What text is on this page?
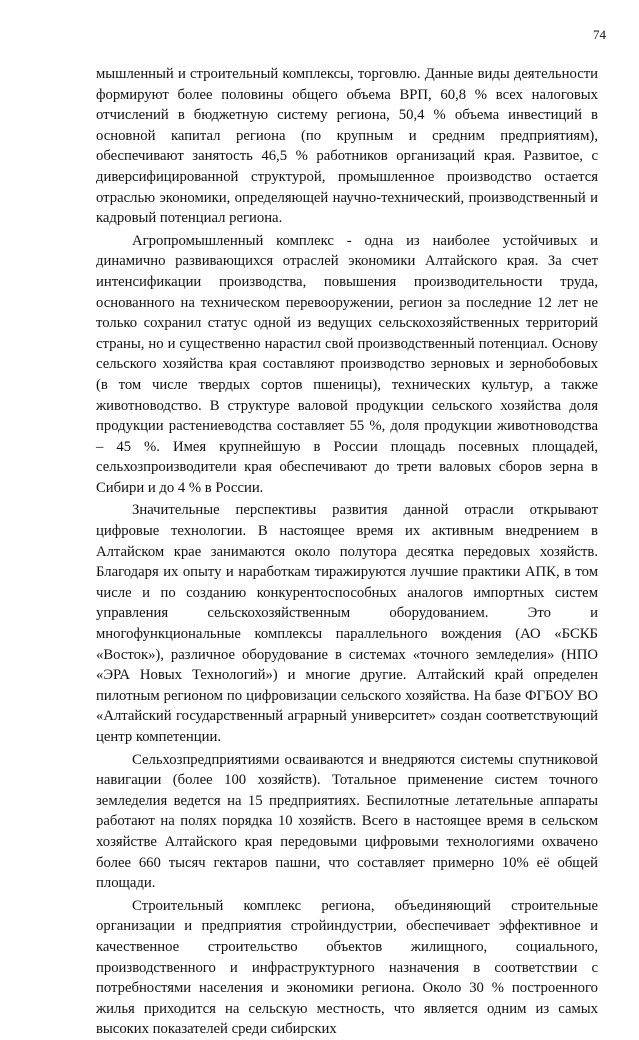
74

мышленный и строительный комплексы, торговлю. Данные виды деятельности формируют более половины общего объема ВРП, 60,8 % всех налоговых отчислений в бюджетную систему региона, 50,4 % объема инвестиций в основной капитал региона (по крупным и средним предприятиям), обеспечивают занятость 46,5 % работников организаций края. Развитое, с диверсифицированной структурой, промышленное производство остается отраслью экономики, определяющей научно-технический, производственный и кадровый потенциал региона.

Агропромышленный комплекс - одна из наиболее устойчивых и динамично развивающихся отраслей экономики Алтайского края. За счет интенсификации производства, повышения производительности труда, основанного на техническом перевооружении, регион за последние 12 лет не только сохранил статус одной из ведущих сельскохозяйственных территорий страны, но и существенно нарастил свой производственный потенциал. Основу сельского хозяйства края составляют производство зерновых и зернобобовых (в том числе твердых сортов пшеницы), технических культур, а также животноводство. В структуре валовой продукции сельского хозяйства доля продукции растениеводства составляет 55 %, доля продукции животноводства – 45 %. Имея крупнейшую в России площадь посевных площадей, сельхозпроизводители края обеспечивают до трети валовых сборов зерна в Сибири и до 4 % в России.

Значительные перспективы развития данной отрасли открывают цифровые технологии. В настоящее время их активным внедрением в Алтайском крае занимаются около полутора десятка передовых хозяйств. Благодаря их опыту и наработкам тиражируются лучшие практики АПК, в том числе и по созданию конкурентоспособных аналогов импортных систем управления сельскохозяйственным оборудованием. Это и многофункциональные комплексы параллельного вождения (АО «БСКБ «Восток»), различное оборудование в системах «точного земледелия» (НПО «ЭРА Новых Технологий») и многие другие. Алтайский край определен пилотным регионом по цифровизации сельского хозяйства. На базе ФГБОУ ВО «Алтайский государственный аграрный университет» создан соответствующий центр компетенции.

Сельхозпредприятиями осваиваются и внедряются системы спутниковой навигации (более 100 хозяйств). Тотальное применение систем точного земледелия ведется на 15 предприятиях. Беспилотные летательные аппараты работают на полях порядка 10 хозяйств. Всего в настоящее время в сельском хозяйстве Алтайского края передовыми цифровыми технологиями охвачено более 660 тысяч гектаров пашни, что составляет примерно 10% её общей площади.

Строительный комплекс региона, объединяющий строительные организации и предприятия стройиндустрии, обеспечивает эффективное и качественное строительство объектов жилищного, социального, производственного и инфраструктурного назначения в соответствии с потребностями населения и экономики региона. Около 30 % построенного жилья приходится на сельскую местность, что является одним из самых высоких показателей среди сибирских
